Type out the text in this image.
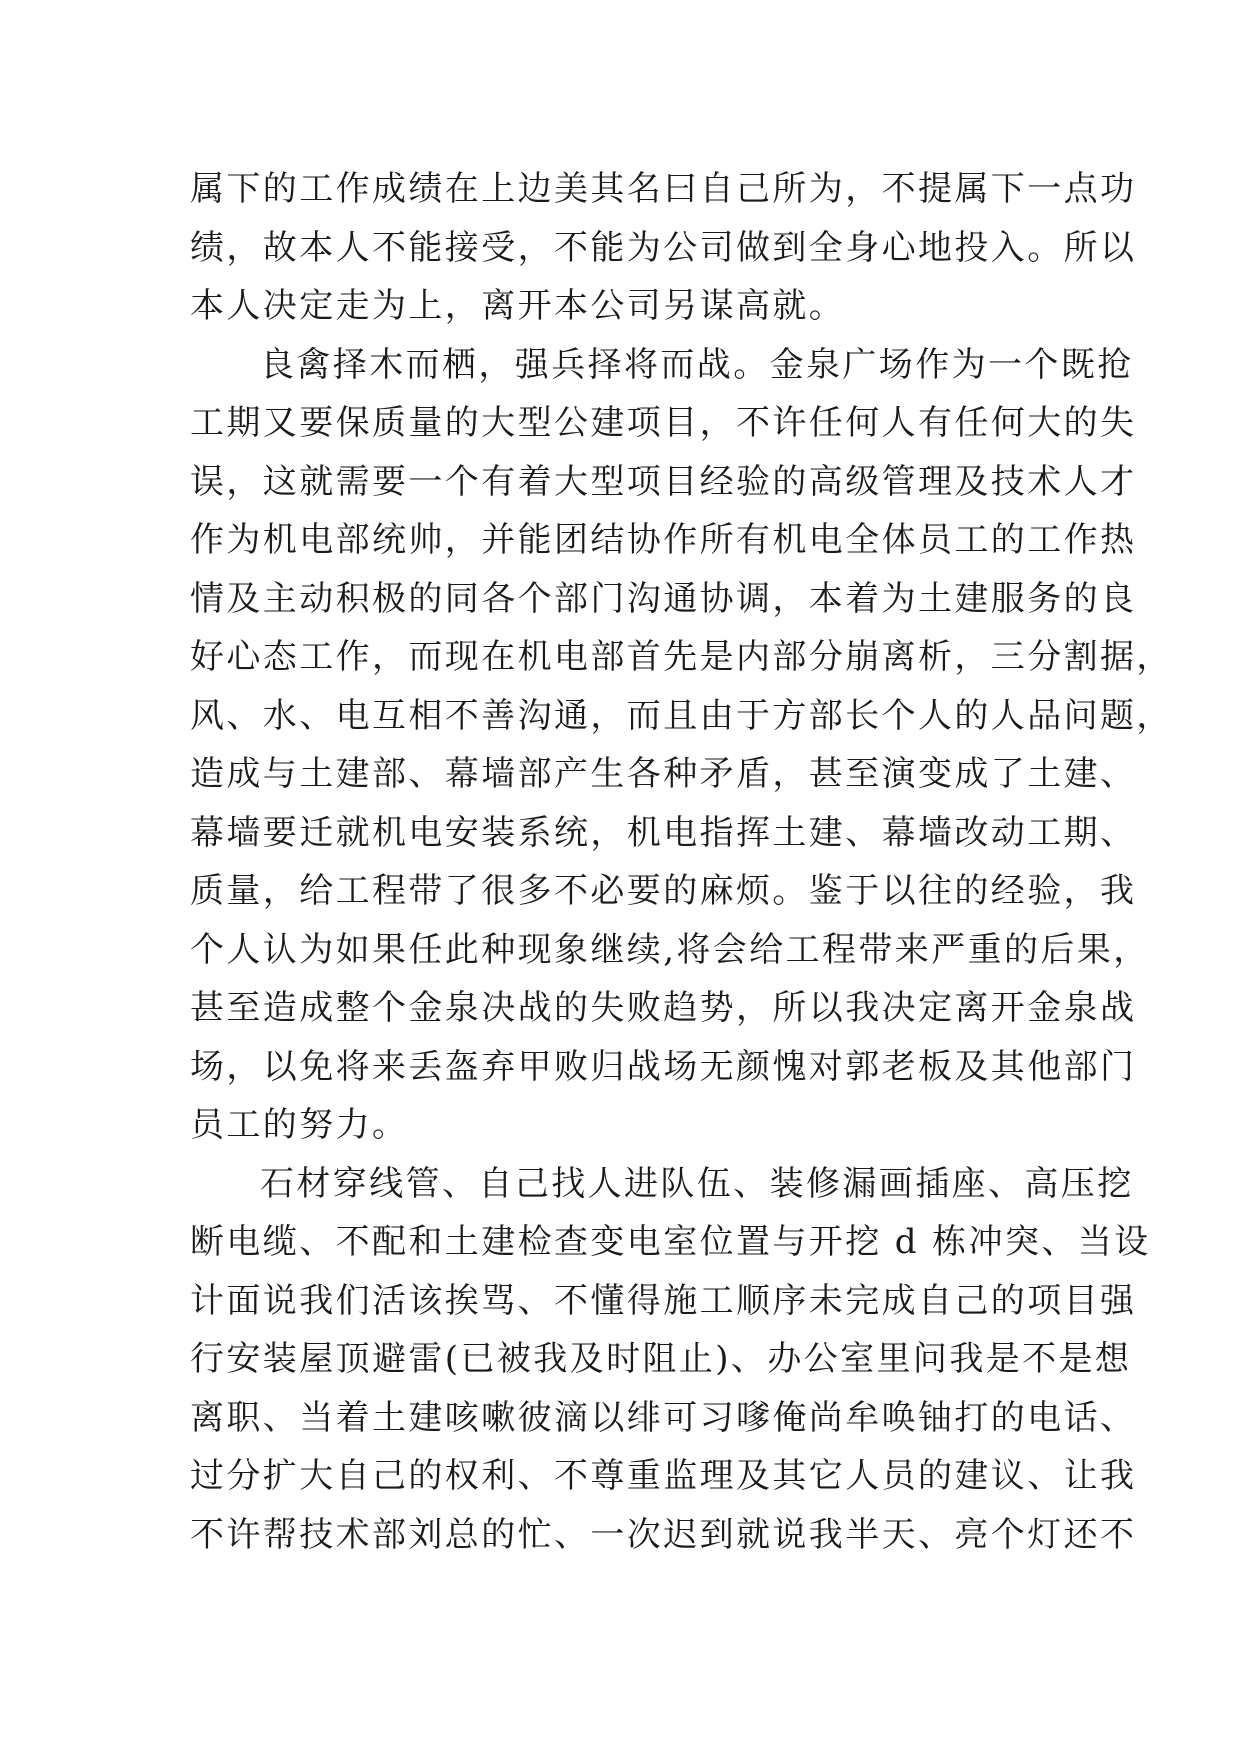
属下的工作成绩在上边美其名曰自己所为，不提属下一点功
绩，故本人不能接受，不能为公司做到全身心地投入。所以
本人决定走为上，离开本公司另谋高就。
良禽择木而栖，强兵择将而战。金泉广场作为一个既抢
工期又要保质量的大型公建项目，不许任何人有任何大的失
误，这就需要一个有着大型项目经验的高级管理及技术人才
作为机电部统帅，并能团结协作所有机电全体员工的工作热
情及主动积极的同各个部门沟通协调，本着为土建服务的良
好心态工作，而现在机电部首先是内部分崩离析，三分割据，
风、水、电互相不善沟通，而且由于方部长个人的人品问题，
造成与土建部、幕墙部产生各种矛盾，甚至演变成了土建、
幕墙要迁就机电安装系统，机电指挥土建、幕墙改动工期、
质量，给工程带了很多不必要的麻烦。鉴于以往的经验，我
个人认为如果任此种现象继续,将会给工程带来严重的后果，
甚至造成整个金泉决战的失败趋势，所以我决定离开金泉战
场，以免将来丢盔弃甲败归战场无颜愧对郭老板及其他部门
员工的努力。
石材穿线管、自己找人进队伍、装修漏画插座、高压挖
断电缆、不配和土建检查变电室位置与开挖 d 栋冲突、当设
计面说我们活该挨骂、不懂得施工顺序未完成自己的项目强
行安装屋顶避雷(已被我及时阻止)、办公室里问我是不是想
离职、当着土建咳嗽彼滴以绯可习嗲俺尚牟唤铀打的电话、
过分扩大自己的权利、不尊重监理及其它人员的建议、让我
不许帮技术部刘总的忙、一次迟到就说我半天、亮个灯还不
